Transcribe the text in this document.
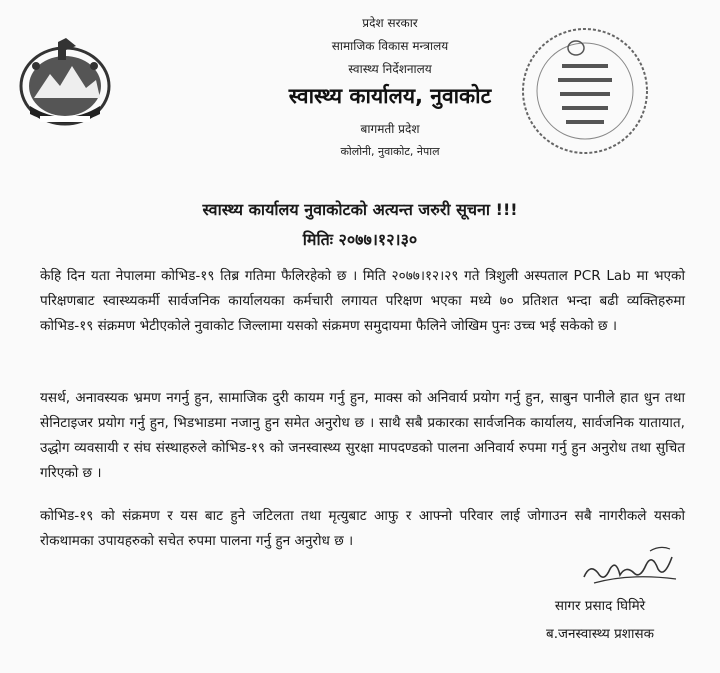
प्रदेश सरकार
सामाजिक विकास मन्त्रालय
स्वास्थ्य निर्देशनालय
स्वास्थ्य कार्यालय, नुवाकोट
बागमती प्रदेश
कोलोनी, नुवाकोट, नेपाल
स्वास्थ्य कार्यालय नुवाकोटको अत्यन्त जरुरी सूचना !!!
मितिः २०७७।१२।३०

केहि दिन यता नेपालमा कोभिड-१९ तिब्र गतिमा फैलिरहेको छ । मिति २०७७।१२।२९ गते त्रिशुली अस्पताल PCR Lab मा भएको परिक्षणबाट स्वास्थ्यकर्मी सार्वजनिक कार्यालयका कर्मचारी लगायत परिक्षण भएका मध्ये ७० प्रतिशत भन्दा बढी व्यक्तिहरुमा कोभिड-१९ संक्रमण भेटीएकोले नुवाकोट जिल्लामा यसको संक्रमण समुदायमा फैलिने जोखिम पुनः उच्च भई सकेको छ ।

यसर्थ, अनावस्यक भ्रमण नगर्नु हुन, सामाजिक दुरी कायम गर्नु हुन, माक्स को अनिवार्य प्रयोग गर्नु हुन, साबुन पानीले हात धुन तथा सेनिटाइजर प्रयोग गर्नु हुन, भिडभाडमा नजानु हुन समेत अनुरोध छ । साथै सबै प्रकारका सार्वजनिक कार्यालय, सार्वजनिक यातायात, उद्धोग व्यवसायी र संघ संस्थाहरुले कोभिड-१९ को जनस्वास्थ्य सुरक्षा मापदण्डको पालना अनिवार्य रुपमा गर्नु हुन अनुरोध तथा सुचित गरिएको छ ।

कोभिड-१९ को संक्रमण र यस बाट हुने जटिलता तथा मृत्युबाट आफु र आफ्नो परिवार लाई जोगाउन सबै नागरीकले यसको रोकथामका उपायहरुको सचेत रुपमा पालना गर्नु हुन अनुरोध छ ।

सागर प्रसाद घिमिरे
ब.जनस्वास्थ्य प्रशासक
